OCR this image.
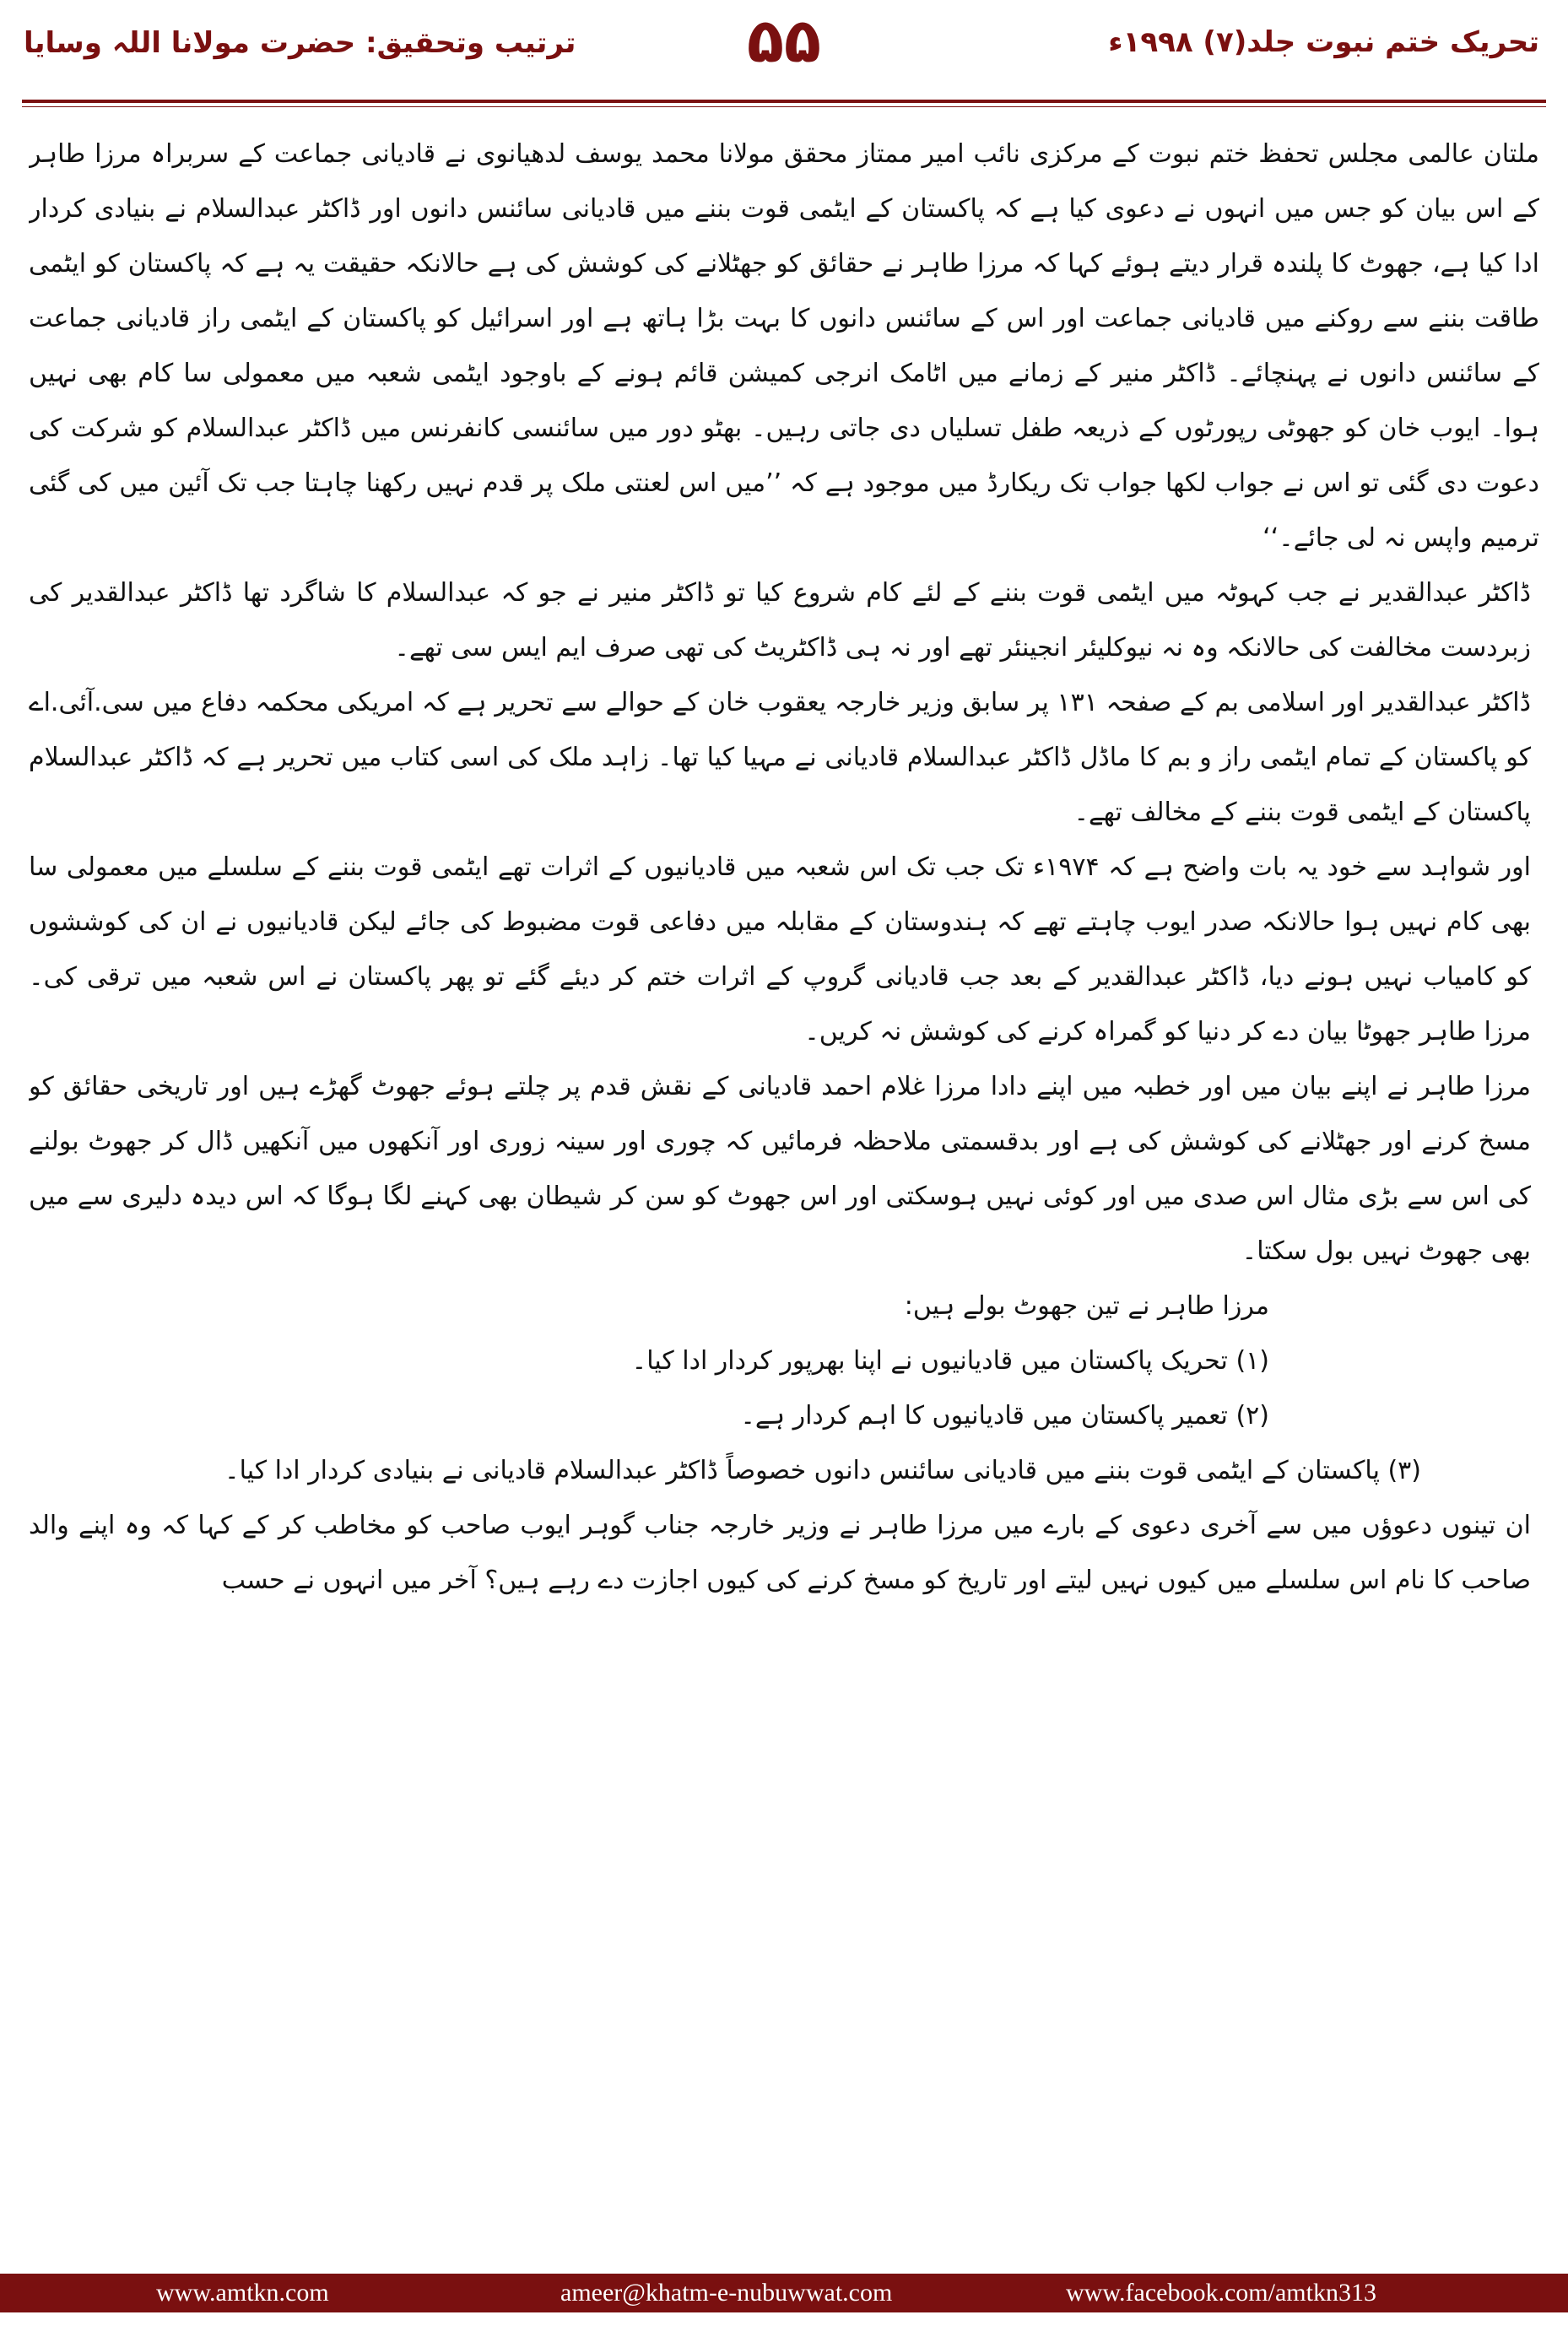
ترتیب وتحقیق: حضرت مولانا اللہ وسایا	۵۵	تحریک ختم نبوت جلد(۷) ۱۹۹۸ء

ملتان عالمی مجلس تحفظ ختم نبوت کے مرکزی نائب امیر ممتاز محقق مولانا محمد یوسف لدھیانوی نے قادیانی جماعت کے سربراہ مرزا طاہر کے اس بیان کو جس میں انہوں نے دعوی کیا ہے کہ پاکستان کے ایٹمی قوت بننے میں قادیانی سائنس دانوں اور ڈاکٹر عبدالسلام نے بنیادی کردار ادا کیا ہے، جھوٹ کا پلندہ قرار دیتے ہوئے کہا کہ مرزا طاہر نے حقائق کو جھٹلانے کی کوشش کی ہے حالانکہ حقیقت یہ ہے کہ پاکستان کو ایٹمی طاقت بننے سے روکنے میں قادیانی جماعت اور اس کے سائنس دانوں کا بہت بڑا ہاتھ ہے اور اسرائیل کو پاکستان کے ایٹمی راز قادیانی جماعت کے سائنس دانوں نے پہنچائے۔ ڈاکٹر منیر کے زمانے میں اٹامک انرجی کمیشن قائم ہونے کے باوجود ایٹمی شعبہ میں معمولی سا کام بھی نہیں ہوا۔ ایوب خان کو جھوٹی رپورٹوں کے ذریعہ طفل تسلیاں دی جاتی رہیں۔ بھٹو دور میں سائنسی کانفرنس میں ڈاکٹر عبدالسلام کو شرکت کی دعوت دی گئی تو اس نے جواب لکھا جواب تک ریکارڈ میں موجود ہے کہ ’’میں اس لعنتی ملک پر قدم نہیں رکھنا چاہتا جب تک آئین میں کی گئی ترمیم واپس نہ لی جائے۔‘‘

ڈاکٹر عبدالقدیر نے جب کہوٹہ میں ایٹمی قوت بننے کے لئے کام شروع کیا تو ڈاکٹر منیر نے جو کہ عبدالسلام کا شاگرد تھا ڈاکٹر عبدالقدیر کی زبردست مخالفت کی حالانکہ وہ نہ نیوکلیئر انجینئر تھے اور نہ ہی ڈاکٹریٹ کی تھی صرف ایم ایس سی تھے۔

ڈاکٹر عبدالقدیر اور اسلامی بم کے صفحہ ۱۳۱ پر سابق وزیر خارجہ یعقوب خان کے حوالے سے تحریر ہے کہ امریکی محکمہ دفاع میں سی.آئی.اے کو پاکستان کے تمام ایٹمی راز و بم کا ماڈل ڈاکٹر عبدالسلام قادیانی نے مہیا کیا تھا۔ زاہد ملک کی اسی کتاب میں تحریر ہے کہ ڈاکٹر عبدالسلام پاکستان کے ایٹمی قوت بننے کے مخالف تھے۔

اور شواہد سے خود یہ بات واضح ہے کہ ۱۹۷۴ء تک جب تک اس شعبہ میں قادیانیوں کے اثرات تھے ایٹمی قوت بننے کے سلسلے میں معمولی سا بھی کام نہیں ہوا حالانکہ صدر ایوب چاہتے تھے کہ ہندوستان کے مقابلہ میں دفاعی قوت مضبوط کی جائے لیکن قادیانیوں نے ان کی کوششوں کو کامیاب نہیں ہونے دیا، ڈاکٹر عبدالقدیر کے بعد جب قادیانی گروپ کے اثرات ختم کر دیئے گئے تو پھر پاکستان نے اس شعبہ میں ترقی کی۔ مرزا طاہر جھوٹا بیان دے کر دنیا کو گمراہ کرنے کی کوشش نہ کریں۔

مرزا طاہر نے اپنے بیان میں اور خطبہ میں اپنے دادا مرزا غلام احمد قادیانی کے نقش قدم پر چلتے ہوئے جھوٹ گھڑے ہیں اور تاریخی حقائق کو مسخ کرنے اور جھٹلانے کی کوشش کی ہے اور بدقسمتی ملاحظہ فرمائیں کہ چوری اور سینہ زوری اور آنکھوں میں آنکھیں ڈال کر جھوٹ بولنے کی اس سے بڑی مثال اس صدی میں اور کوئی نہیں ہوسکتی اور اس جھوٹ کو سن کر شیطان بھی کہنے لگا ہوگا کہ اس دیدہ دلیری سے میں بھی جھوٹ نہیں بول سکتا۔

مرزا طاہر نے تین جھوٹ بولے ہیں:

(۱) تحریک پاکستان میں قادیانیوں نے اپنا بھرپور کردار ادا کیا۔

(۲) تعمیر پاکستان میں قادیانیوں کا اہم کردار ہے۔

(۳) پاکستان کے ایٹمی قوت بننے میں قادیانی سائنس دانوں خصوصاً ڈاکٹر عبدالسلام قادیانی نے بنیادی کردار ادا کیا۔

ان تینوں دعوؤں میں سے آخری دعوی کے بارے میں مرزا طاہر نے وزیر خارجہ جناب گوہر ایوب صاحب کو مخاطب کر کے کہا کہ وہ اپنے والد صاحب کا نام اس سلسلے میں کیوں نہیں لیتے اور تاریخ کو مسخ کرنے کی کیوں اجازت دے رہے ہیں؟ آخر میں انہوں نے حسب

www.amtkn.com	ameer@khatm-e-nubuwwat.com	www.facebook.com/amtkn313
